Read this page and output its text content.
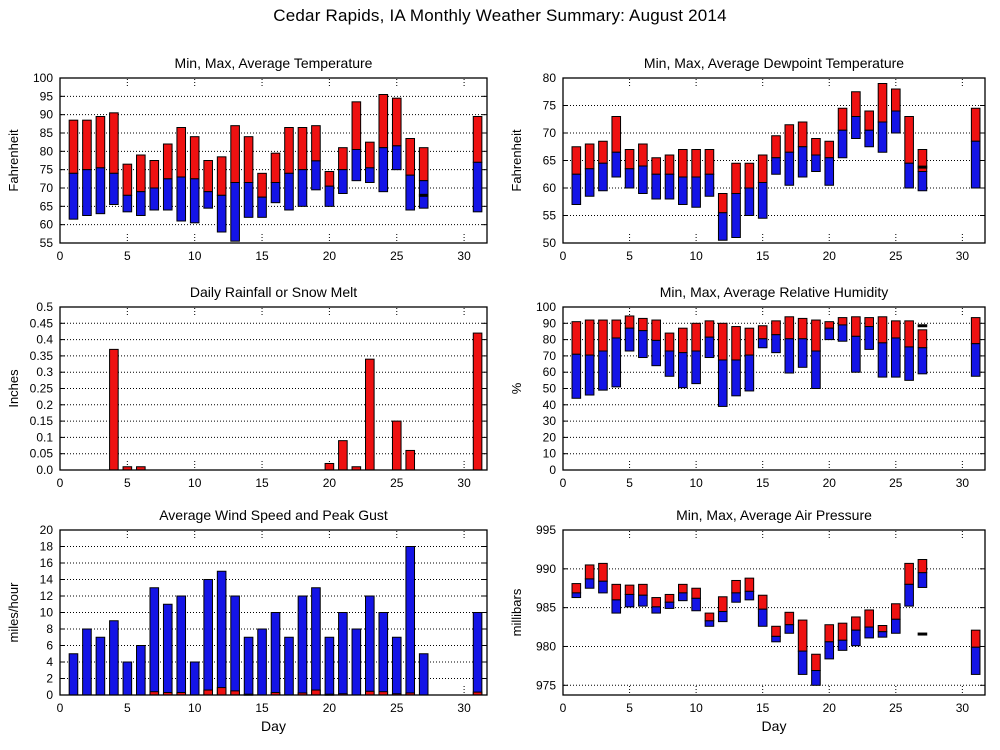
Cedar Rapids, IA Monthly Weather Summary: August 2014
55
60
65
70
75
80
85
90
95
100
0	5	10	15	20	25	30
Min, Max, Average Temperature
Fahrenheit
50
55
60
65
70
75
80
0	5	10	15	20	25	30
Min, Max, Average Dewpoint Temperature
Fahrenheit
0.0
0.05
0.1
0.15
0.2
0.25
0.3
0.35
0.4
0.45
0.5
0	5	10	15	20	25	30
Daily Rainfall or Snow Melt
Inches
0
10
20
30
40
50
60
70
80
90
100
0	5	10	15	20	25	30
Min, Max, Average Relative Humidity
%
0
2
4
6
8
10
12
14
16
18
20
0	5	10	15	20	25	30
Average Wind Speed and Peak Gust
miles/hour
Day
975
980
985
990
995
0	5	10	15	20	25	30
Min, Max, Average Air Pressure
millibars
Day
